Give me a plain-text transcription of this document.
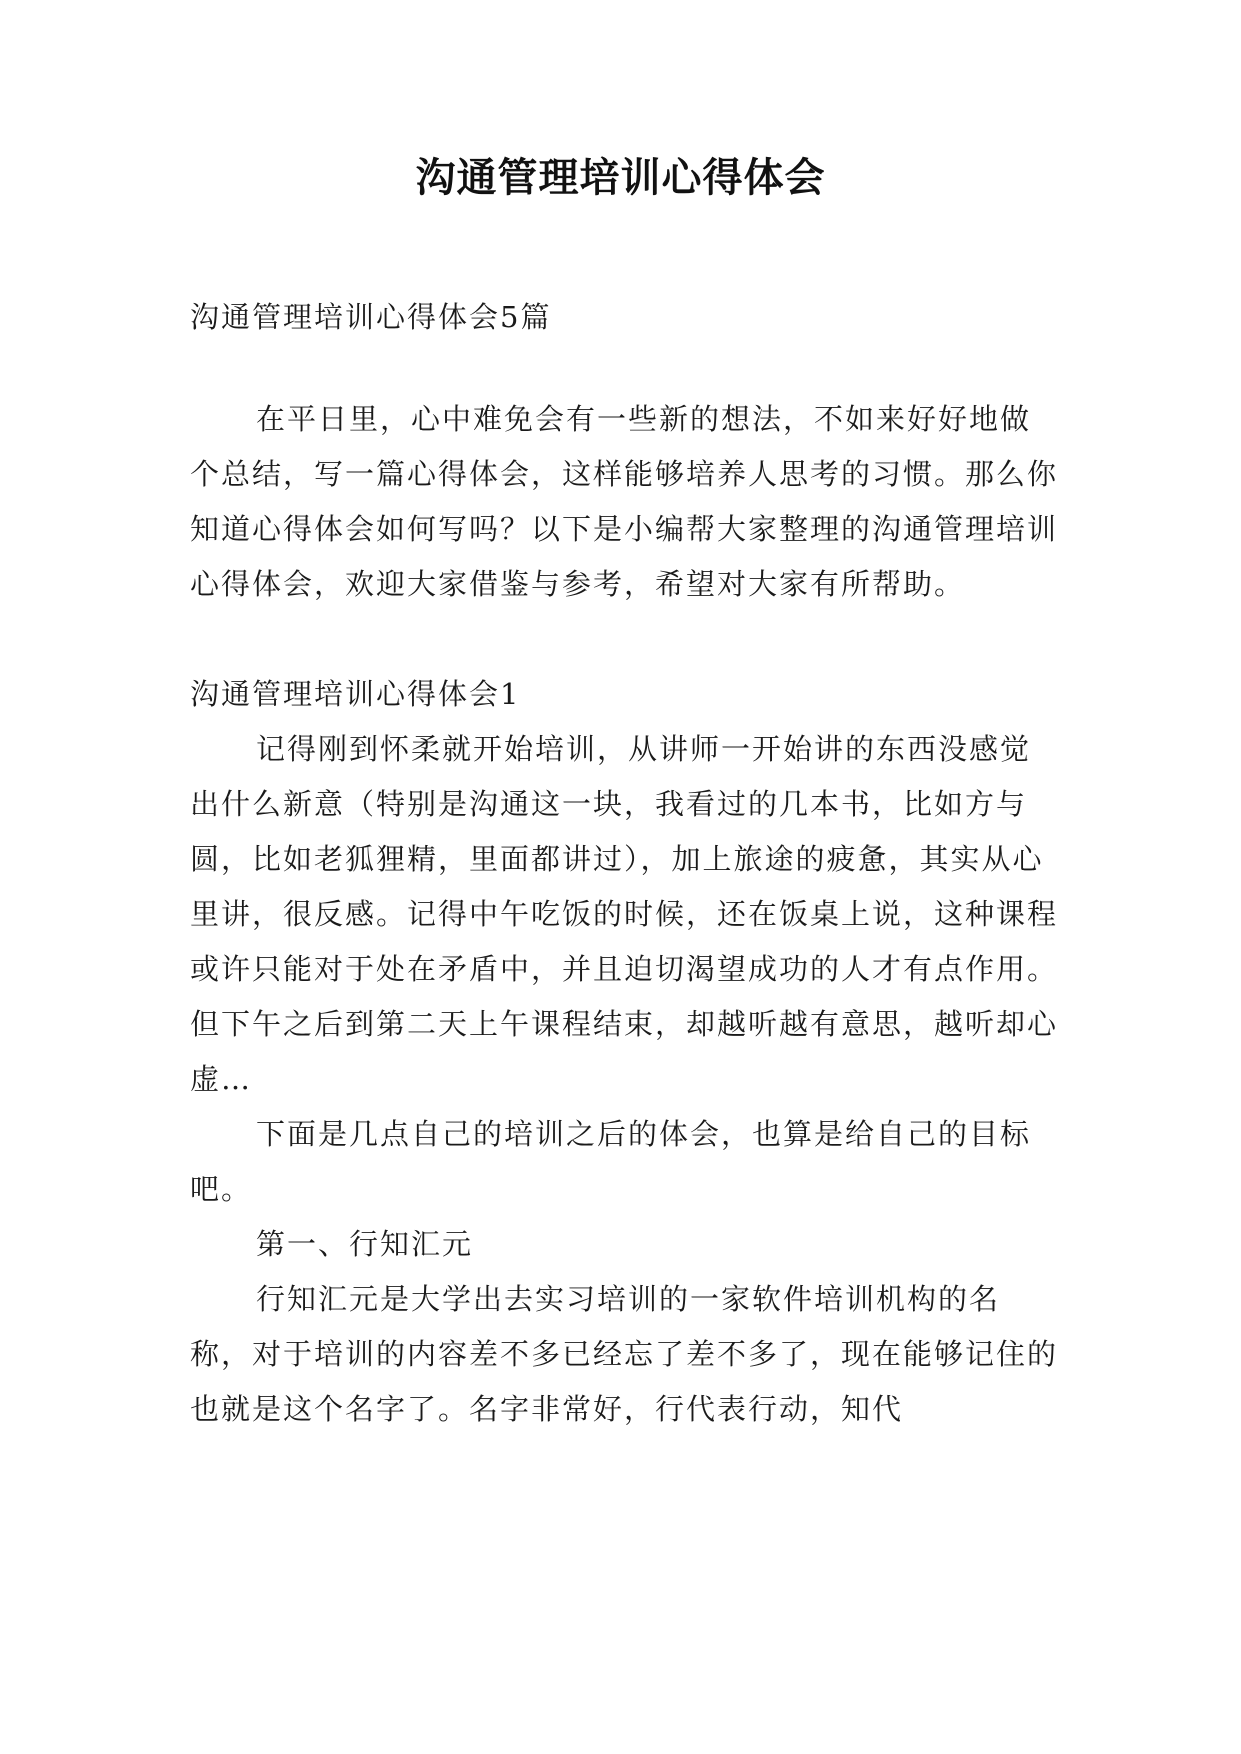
沟通管理培训心得体会

沟通管理培训心得体会5篇

在平日里，心中难免会有一些新的想法，不如来好好地做个总结，写一篇心得体会，这样能够培养人思考的习惯。那么你知道心得体会如何写吗？以下是小编帮大家整理的沟通管理培训心得体会，欢迎大家借鉴与参考，希望对大家有所帮助。

沟通管理培训心得体会1

记得刚到怀柔就开始培训，从讲师一开始讲的东西没感觉出什么新意（特别是沟通这一块，我看过的几本书，比如方与圆，比如老狐狸精，里面都讲过），加上旅途的疲惫，其实从心里讲，很反感。记得中午吃饭的时候，还在饭桌上说，这种课程或许只能对于处在矛盾中，并且迫切渴望成功的人才有点作用。但下午之后到第二天上午课程结束，却越听越有意思，越听却心虚…

下面是几点自己的培训之后的体会，也算是给自己的目标吧。

第一、行知汇元

行知汇元是大学出去实习培训的一家软件培训机构的名称，对于培训的内容差不多已经忘了差不多了，现在能够记住的也就是这个名字了。名字非常好，行代表行动，知代
